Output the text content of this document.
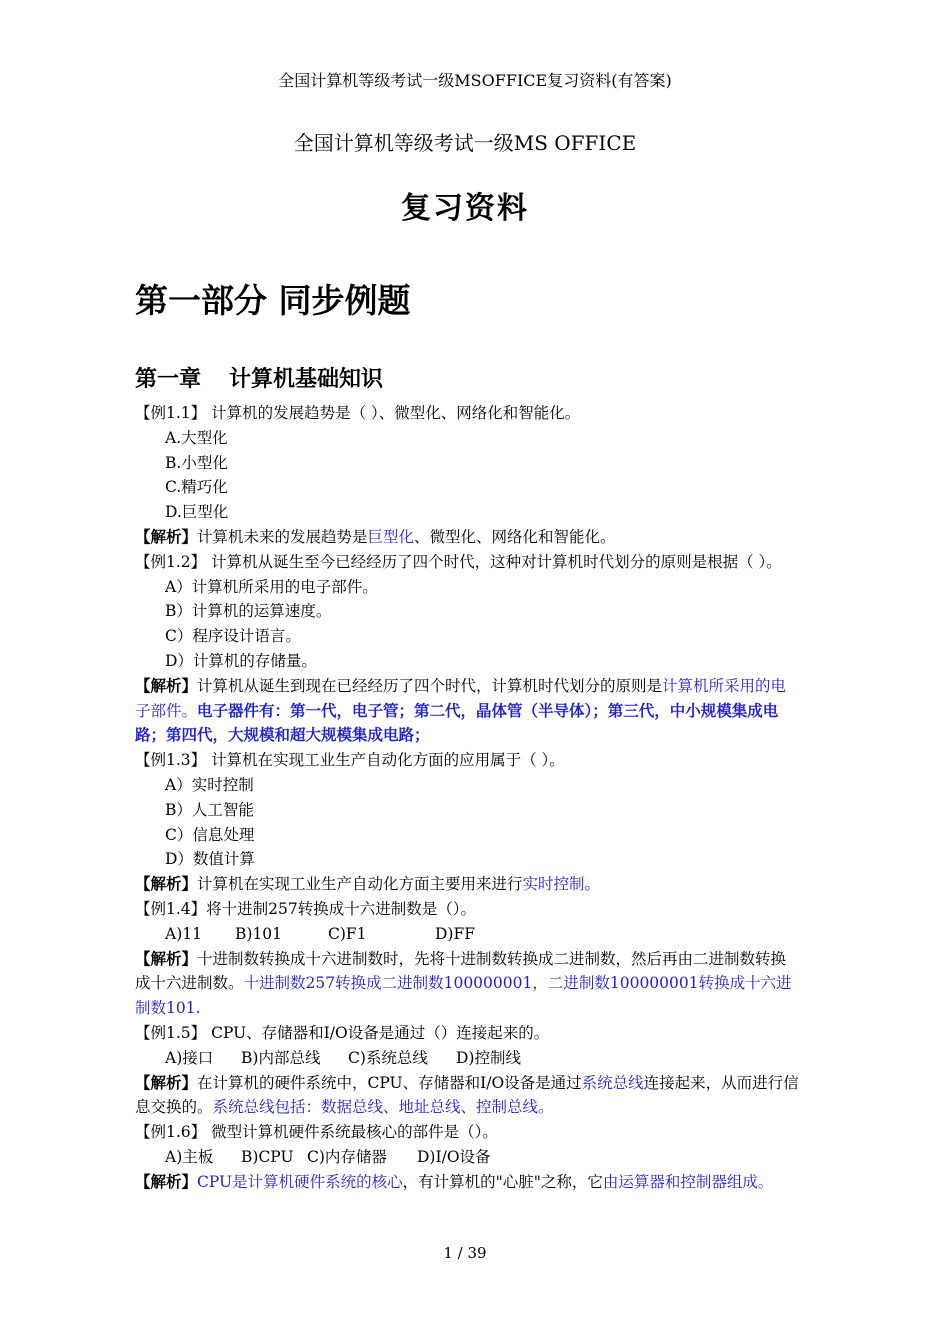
全国计算机等级考试一级MSOFFICE复习资料(有答案)
全国计算机等级考试一级MS OFFICE
复习资料
第一部分 同步例题
第一章 计算机基础知识
【例1.1】 计算机的发展趋势是（ ）、微型化、网络化和智能化。
A.大型化
B.小型化
C.精巧化
D.巨型化
【解析】计算机未来的发展趋势是巨型化、微型化、网络化和智能化。
【例1.2】 计算机从诞生至今已经经历了四个时代，这种对计算机时代划分的原则是根据（ ）。
A）计算机所采用的电子部件。
B）计算机的运算速度。
C）程序设计语言。
D）计算机的存储量。
【解析】计算机从诞生到现在已经经历了四个时代，计算机时代划分的原则是计算机所采用的电子部件。电子器件有：第一代，电子管；第二代，晶体管（半导体）；第三代，中小规模集成电路；第四代，大规模和超大规模集成电路；
【例1.3】 计算机在实现工业生产自动化方面的应用属于（ ）。
A）实时控制
B）人工智能
C）信息处理
D）数值计算
【解析】计算机在实现工业生产自动化方面主要用来进行实时控制。
【例1.4】将十进制257转换成十六进制数是（）。
A)11 B)101	C)F1	D)FF
【解析】十进制数转换成十六进制数时，先将十进制数转换成二进制数，然后再由二进制数转换成十六进制数。十进制数257转换成二进制数100000001，二进制数100000001转换成十六进制数101.
【例1.5】 CPU、存储器和I/O设备是通过（）连接起来的。
A)接口 B)内部总线 C)系统总线 D)控制线
【解析】在计算机的硬件系统中，CPU、存储器和I/O设备是通过系统总线连接起来，从而进行信息交换的。系统总线包括：数据总线、地址总线、控制总线。
【例1.6】 微型计算机硬件系统最核心的部件是（）。
A)主板 B)CPU C)内存储器 D)I/O设备
【解析】CPU是计算机硬件系统的核心，有计算机的"心脏"之称，它由运算器和控制器组成。
1 / 39
